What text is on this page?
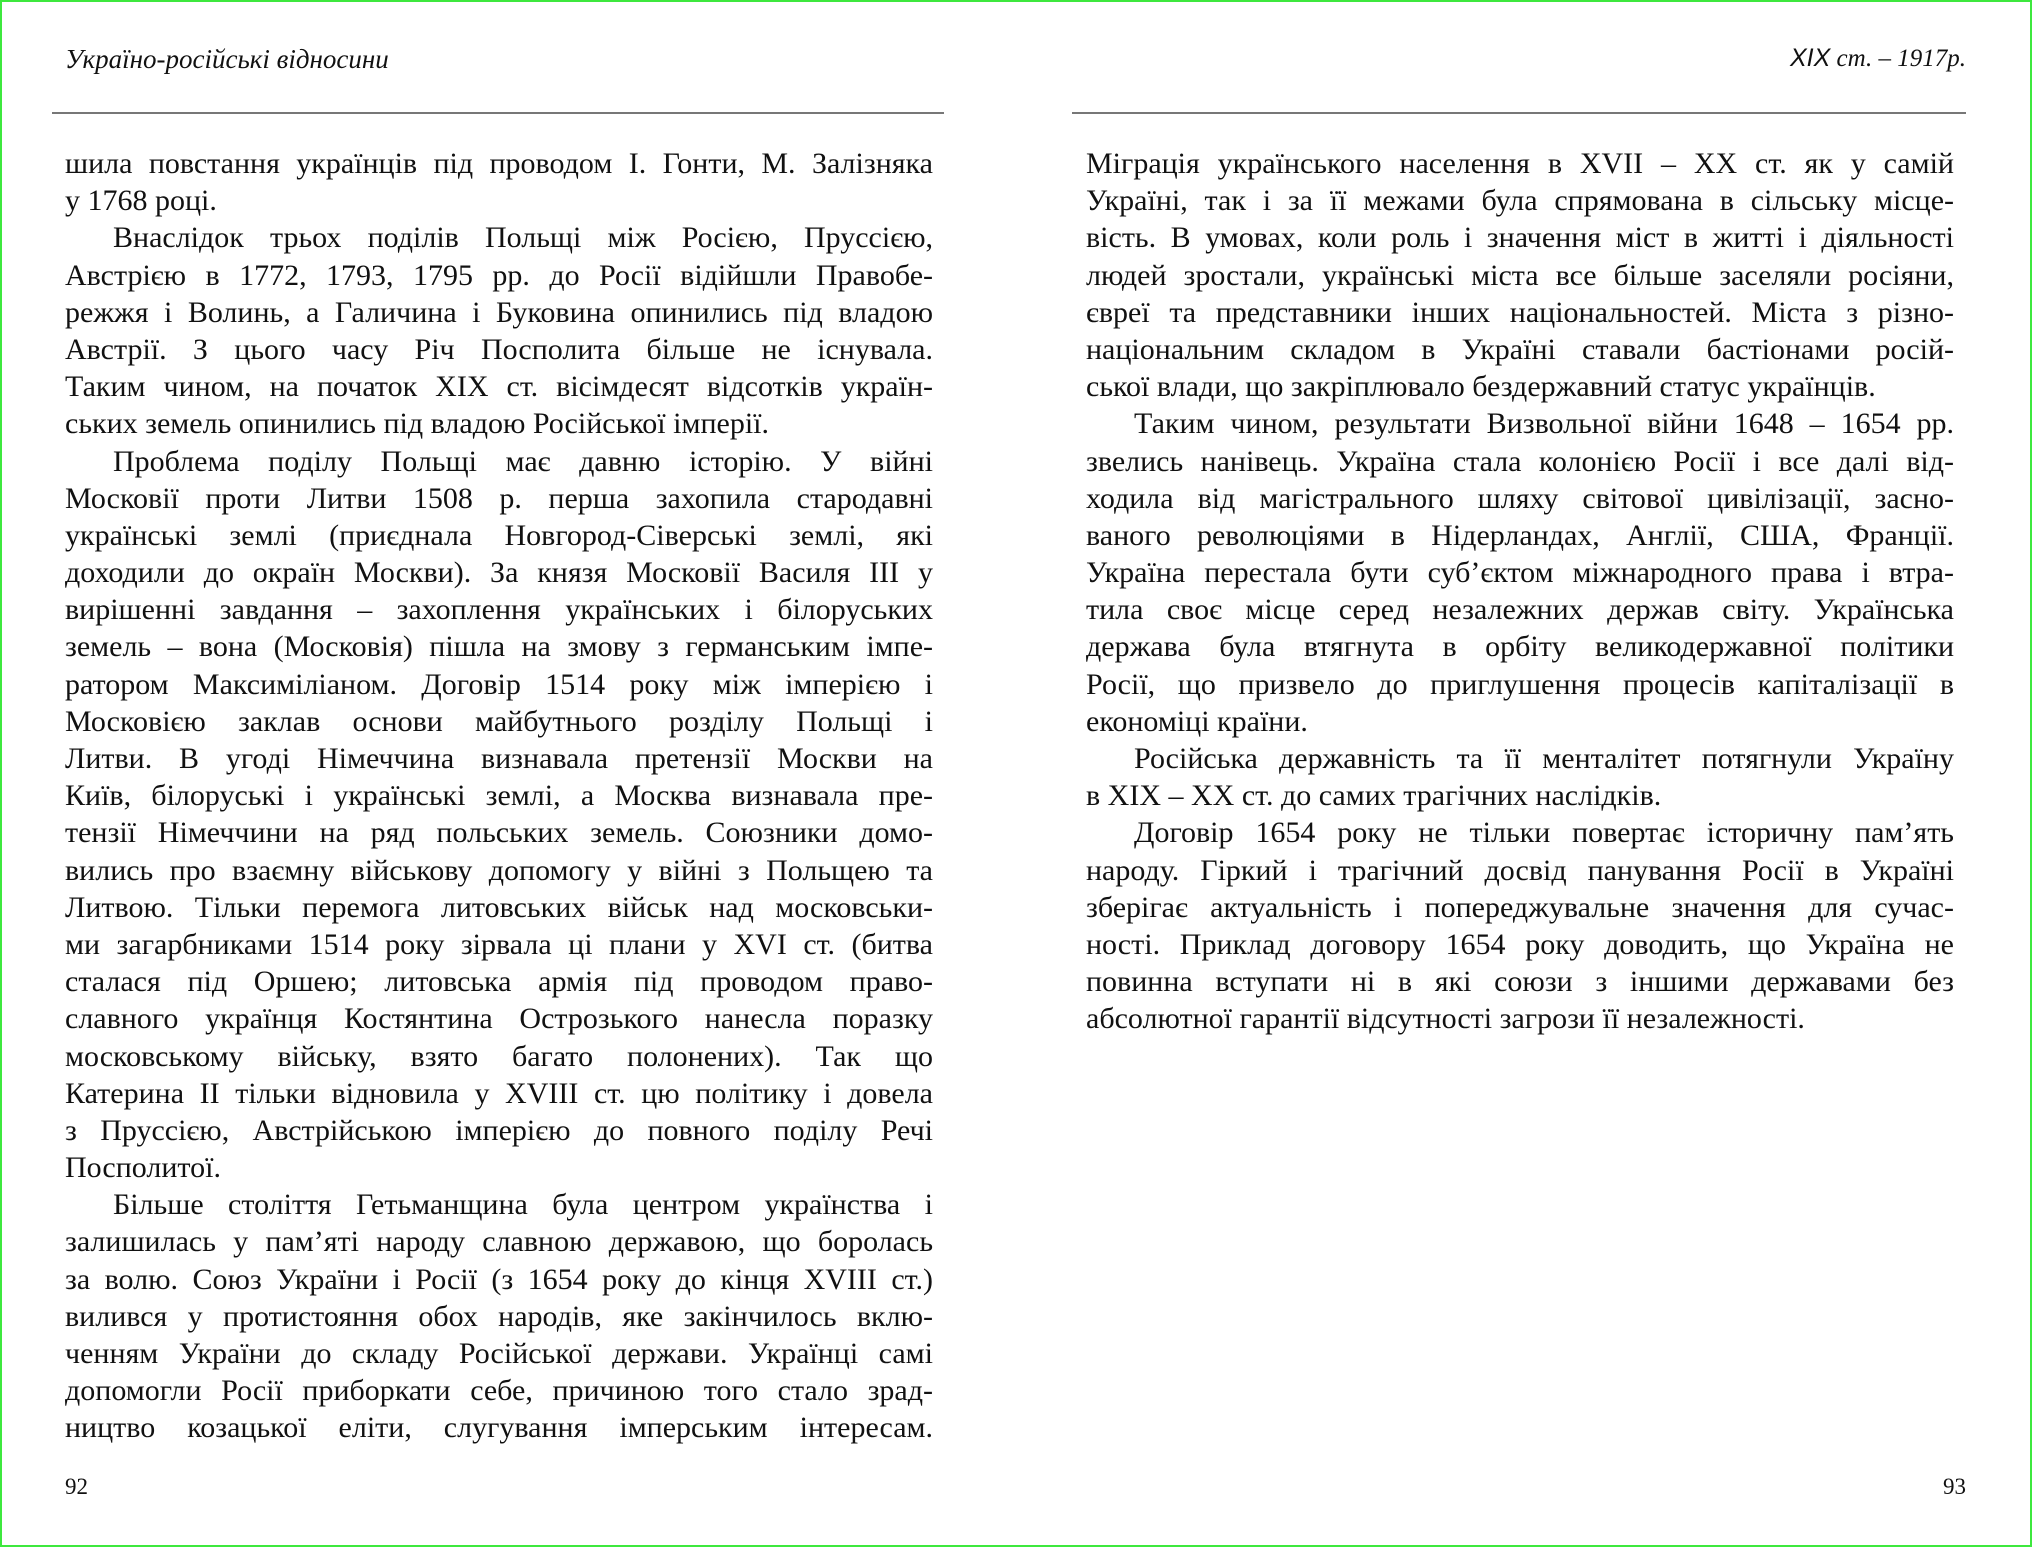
Україно-російські відносини
шила повстання українців під проводом І. Гонти, М. Залізняка
у 1768 році.
Внаслідок трьох поділів Польщі між Росією, Пруссією,
Австрією в 1772, 1793, 1795 рр. до Росії відійшли Правобе-
режжя і Волинь, а Галичина і Буковина опинились під владою
Австрії. З цього часу Річ Посполита більше не існувала.
Таким чином, на початок XIX ст. вісімдесят відсотків україн-
ських земель опинились під владою Російської імперії.
Проблема поділу Польщі має давню історію. У війні
Московії проти Литви 1508 р. перша захопила стародавні
українські землі (приєднала Новгород-Сіверські землі, які
доходили до окраїн Москви). За князя Московії Василя III у
вирішенні завдання – захоплення українських і білоруських
земель – вона (Московія) пішла на змову з германським імпе-
ратором Максиміліаном. Договір 1514 року між імперією і
Московією заклав основи майбутнього розділу Польщі і
Литви. В угоді Німеччина визнавала претензії Москви на
Київ, білоруські і українські землі, а Москва визнавала пре-
тензії Німеччини на ряд польських земель. Союзники домо-
вились про взаємну військову допомогу у війні з Польщею та
Литвою. Тільки перемога литовських військ над московськи-
ми загарбниками 1514 року зірвала ці плани у XVI ст. (битва
сталася під Оршею; литовська армія під проводом право-
славного українця Костянтина Острозького нанесла поразку
московському війську, взято багато полонених). Так що
Катерина II тільки відновила у XVIII ст. цю політику і довела
з Пруссією, Австрійською імперією до повного поділу Речі
Посполитої.
Більше століття Гетьманщина була центром українства і
залишилась у пам’яті народу славною державою, що боролась
за волю. Союз України і Росії (з 1654 року до кінця XVIII ст.)
вилився у протистояння обох народів, яке закінчилось вклю-
ченням України до складу Російської держави. Українці самі
допомогли Росії приборкати себе, причиною того стало зрад-
ництво козацької еліти, слугування імперським інтересам.
92
XIX ст. – 1917р.
Міграція українського населення в XVII – XX ст. як у самій
Україні, так і за її межами була спрямована в сільську місце-
вість. В умовах, коли роль і значення міст в житті і діяльності
людей зростали, українські міста все більше заселяли росіяни,
євреї та представники інших національностей. Міста з різно-
національним складом в Україні ставали бастіонами росій-
ської влади, що закріплювало бездержавний статус українців.
Таким чином, результати Визвольної війни 1648 – 1654 рр.
звелись нанівець. Україна стала колонією Росії і все далі від-
ходила від магістрального шляху світової цивілізації, засно-
ваного революціями в Нідерландах, Англії, США, Франції.
Україна перестала бути суб’єктом міжнародного права і втра-
тила своє місце серед незалежних держав світу. Українська
держава була втягнута в орбіту великодержавної політики
Росії, що призвело до приглушення процесів капіталізації в
економіці країни.
Російська державність та її менталітет потягнули Україну
в XIX – XX ст. до самих трагічних наслідків.
Договір 1654 року не тільки повертає історичну пам’ять
народу. Гіркий і трагічний досвід панування Росії в Україні
зберігає актуальність і попереджувальне значення для сучас-
ності. Приклад договору 1654 року доводить, що Україна не
повинна вступати ні в які союзи з іншими державами без
абсолютної гарантії відсутності загрози її незалежності.
93
